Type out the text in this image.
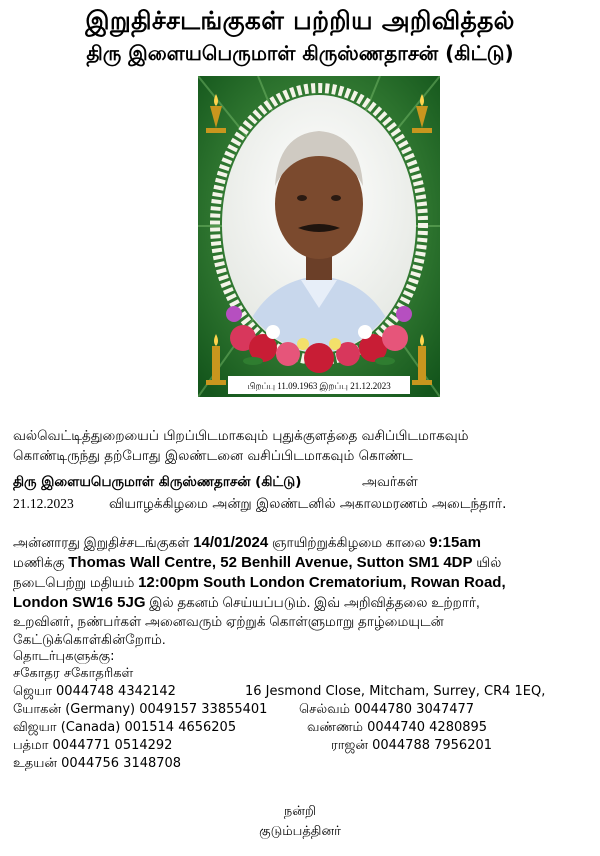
இறுதிச்சடங்குகள் பற்றிய அறிவித்தல்
திரு இளையபெருமாள் கிருஸ்ணதாசன் (கிட்டு)
பிறப்பு 11.09.1963 இறப்பு 21.12.2023
வல்வெட்டித்துறையைப் பிறப்பிடமாகவும் புதுக்குளத்தை வசிப்பிடமாகவும்
கொண்டிருந்து தற்போது இலண்டனை வசிப்பிடமாகவும் கொண்ட
திரு இளையபெருமாள் கிருஸ்ணதாசன் (கிட்டு)	அவர்கள்
21.12.2023	வியாழக்கிழமை அன்று இலண்டனில் அகாலமரணம் அடைந்தார்.
அன்னாரது இறுதிச்சடங்குகள் 14/01/2024 ஞாயிற்றுக்கிழமை காலை 9:15am
மணிக்கு Thomas Wall Centre, 52 Benhill Avenue, Sutton SM1 4DP யில்
நடைபெற்று மதியம் 12:00pm South London Crematorium, Rowan Road,
London SW16 5JG இல் தகனம் செய்யப்படும். இவ் அறிவித்தலை உற்றார்,
உறவினர், நண்பர்கள் அனைவரும் ஏற்றுக் கொள்ளுமாறு தாழ்மையுடன்
கேட்டுக்கொள்கின்றோம்.
தொடர்புகளுக்கு:
சகோதர சகோதரிகள்
ஜெயா 0044748 4342142
யோகன் (Germany) 0049157 33855401
விஜயா (Canada) 001514 4656205
பத்மா 0044771 0514292
உதயன் 0044756 3148708
16 Jesmond Close, Mitcham, Surrey, CR4 1EQ,
செல்வம் 0044780 3047477
வண்ணம் 0044740 4280895
ராஜன் 0044788 7956201
நன்றி
குடும்பத்தினர்
